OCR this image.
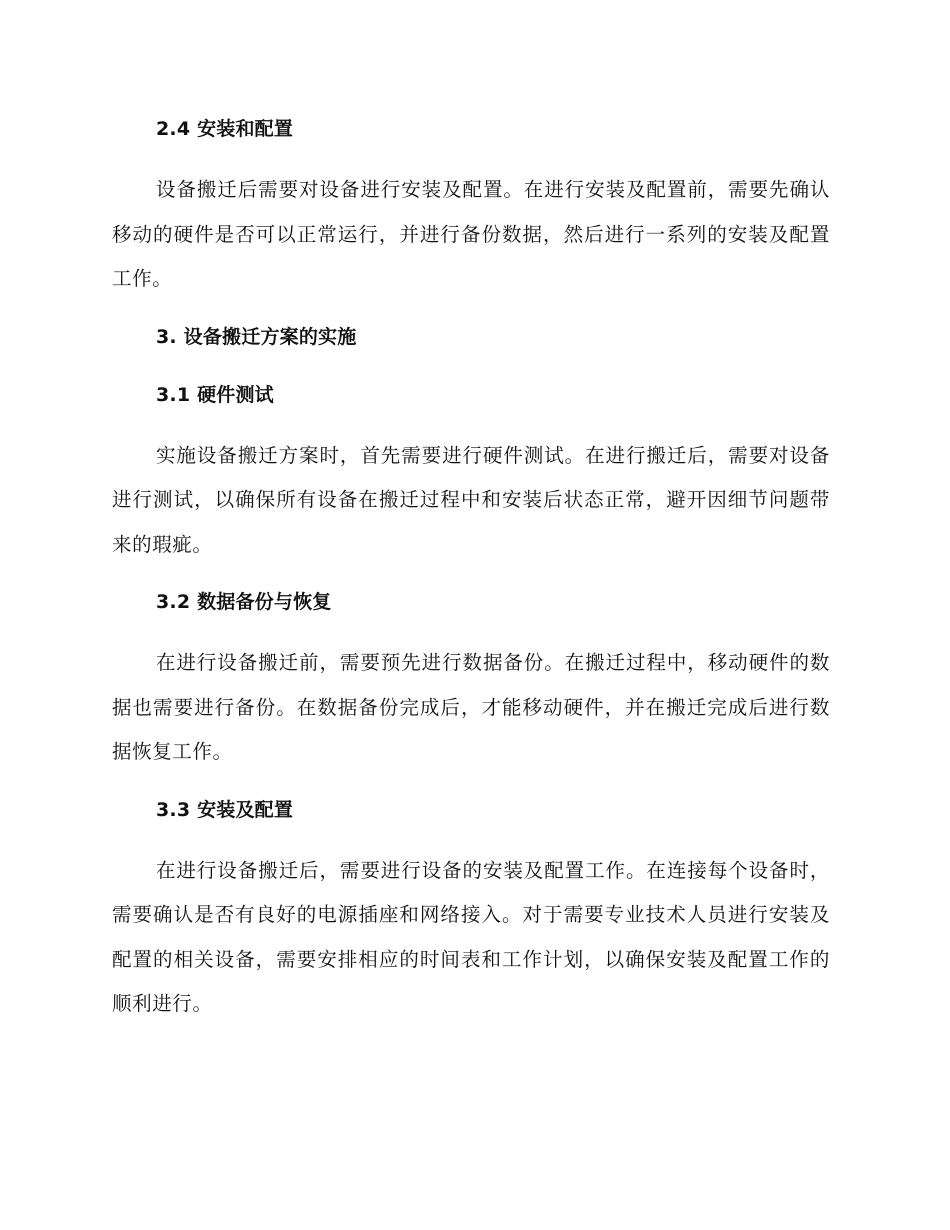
2.4 安装和配置

设备搬迁后需要对设备进行安装及配置。在进行安装及配置前，需要先确认移动的硬件是否可以正常运行，并进行备份数据，然后进行一系列的安装及配置工作。

3. 设备搬迁方案的实施
3.1 硬件测试

实施设备搬迁方案时，首先需要进行硬件测试。在进行搬迁后，需要对设备进行测试，以确保所有设备在搬迁过程中和安装后状态正常，避开因细节问题带来的瑕疵。

3.2 数据备份与恢复

在进行设备搬迁前，需要预先进行数据备份。在搬迁过程中，移动硬件的数据也需要进行备份。在数据备份完成后，才能移动硬件，并在搬迁完成后进行数据恢复工作。

3.3 安装及配置

在进行设备搬迁后，需要进行设备的安装及配置工作。在连接每个设备时，需要确认是否有良好的电源插座和网络接入。对于需要专业技术人员进行安装及配置的相关设备，需要安排相应的时间表和工作计划，以确保安装及配置工作的顺利进行。
